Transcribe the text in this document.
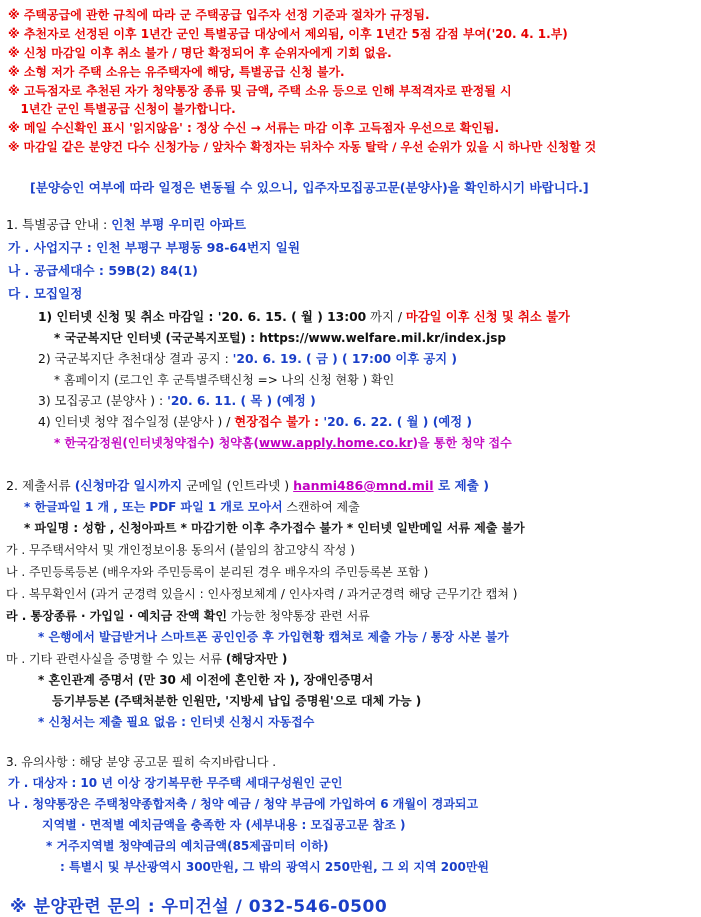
※ 주택공급에 관한 규칙에 따라 군 주택공급 입주자 선정 기준과 절차가 규정됨.
※ 추천자로 선정된 이후 1년간 군인 특별공급 대상에서 제외됨, 이후 1년간 5점 감점 부여('20. 4. 1.부)
※ 신청 마감일 이후 취소 불가 / 명단 확정되어 후 순위자에게 기회 없음.
※ 소형 저가 주택 소유는 유주택자에 해당, 특별공급 신청 불가.
※ 고득점자로 추천된 자가 청약통장 종류 및 금액, 주택 소유 등으로 인해 부적격자로 판정될 시
1년간 군인 특별공급 신청이 불가합니다.
※ 메일 수신확인 표시 '읽지않음' : 정상 수신 → 서류는 마감 이후 고득점자 우선으로 확인됨.
※ 마감일 같은 분양건 다수 신청가능 / 앞차수 확정자는 뒤차수 자동 탈락 / 우선 순위가 있을 시 하나만 신청할 것
[분양승인 여부에 따라 일정은 변동될 수 있으니, 입주자모집공고문(분양사)을 확인하시기 바랍니다.]
1. 특별공급 안내 : 인천 부평 우미린 아파트
가 . 사업지구 : 인천 부평구 부평동 98-64번지 일원
나 . 공급세대수 : 59B(2) 84(1)
다 . 모집일정
1) 인터넷 신청 및 취소 마감일 : '20. 6. 15. ( 월 ) 13:00 까지 / 마감일 이후 신청 및 취소 불가
* 국군복지단 인터넷 (국군복지포털) : https://www.welfare.mil.kr/index.jsp
2) 국군복지단 추천대상 결과 공지 : '20. 6. 19. ( 금 ) ( 17:00 이후 공지 )
* 홈페이지 (로그인 후 군특별주택신청 => 나의 신청 현황 ) 확인
3) 모집공고 (분양사 ) : '20. 6. 11. ( 목 ) (예정 )
4) 인터넷 청약 접수일정 (분양사 ) / 현장접수 불가 : '20. 6. 22. ( 월 ) (예정 )
* 한국감정원(인터넷청약접수) 청약홈(www.apply.home.co.kr)을 통한 청약 접수
2. 제출서류 (신청마감 일시까지 군메일 (인트라넷 ) hanmi486@mnd.mil 로 제출 )
* 한글파일 1 개 , 또는 PDF 파일 1 개로 모아서 스캔하여 제출
* 파일명 : 성함 , 신청아파트 * 마감기한 이후 추가접수 불가 * 인터넷 일반메일 서류 제출 불가
가 . 무주택서약서 및 개인정보이용 동의서 (붙임의 참고양식 작성 )
나 . 주민등록등본 (배우자와 주민등록이 분리된 경우 배우자의 주민등록본 포함 )
다 . 복무확인서 (과거 군경력 있을시 : 인사정보체계 / 인사자력 / 과거군경력 해당 근무기간 캡쳐 )
라 . 통장종류 · 가입일 · 예치금 잔액 확인 가능한 청약통장 관련 서류
* 은행에서 발급받거나 스마트폰 공인인증 후 가입현황 캡쳐로 제출 가능 / 통장 사본 불가
마 . 기타 관련사실을 증명할 수 있는 서류 (해당자만 )
* 혼인관계 증명서 (만 30 세 이전에 혼인한 자 ), 장애인증명서
등기부등본 (주택처분한 인원만, '지방세 납입 증명원'으로 대체 가능 )
* 신청서는 제출 필요 없음 : 인터넷 신청시 자동접수
3. 유의사항 : 해당 분양 공고문 필히 숙지바랍니다 .
가 . 대상자 : 10 년 이상 장기복무한 무주택 세대구성원인 군인
나 . 청약통장은 주택청약종합저축 / 청약 예금 / 청약 부금에 가입하여 6 개월이 경과되고
지역별 · 면적별 예치금액을 충족한 자 (세부내용 : 모집공고문 참조 )
* 거주지역별 청약예금의 예치금액(85제곱미터 이하)
: 특별시 및 부산광역시 300만원, 그 밖의 광역시 250만원, 그 외 지역 200만원
※ 분양관련 문의 : 우미건설 / 032-546-0500
